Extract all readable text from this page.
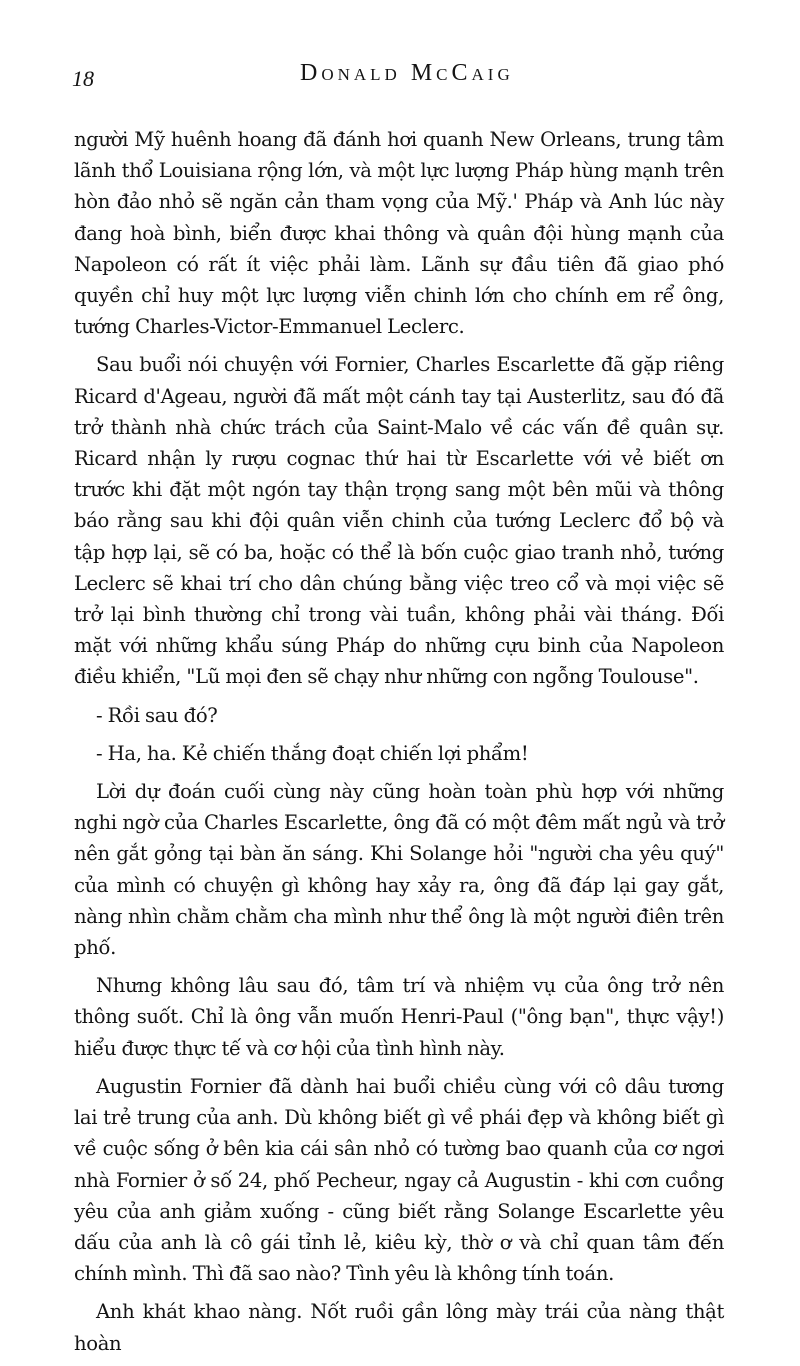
18	Donald McCaig

người Mỹ huênh hoang đã đánh hơi quanh New Orleans, trung tâm lãnh thổ Louisiana rộng lớn, và một lực lượng Pháp hùng mạnh trên hòn đảo nhỏ sẽ ngăn cản tham vọng của Mỹ.' Pháp và Anh lúc này đang hoà bình, biển được khai thông và quân đội hùng mạnh của Napoleon có rất ít việc phải làm. Lãnh sự đầu tiên đã giao phó quyền chỉ huy một lực lượng viễn chinh lớn cho chính em rể ông, tướng Charles-Victor-Emmanuel Leclerc.

Sau buổi nói chuyện với Fornier, Charles Escarlette đã gặp riêng Ricard d'Ageau, người đã mất một cánh tay tại Austerlitz, sau đó đã trở thành nhà chức trách của Saint-Malo về các vấn đề quân sự. Ricard nhận ly rượu cognac thứ hai từ Escarlette với vẻ biết ơn trước khi đặt một ngón tay thận trọng sang một bên mũi và thông báo rằng sau khi đội quân viễn chinh của tướng Leclerc đổ bộ và tập hợp lại, sẽ có ba, hoặc có thể là bốn cuộc giao tranh nhỏ, tướng Leclerc sẽ khai trí cho dân chúng bằng việc treo cổ và mọi việc sẽ trở lại bình thường chỉ trong vài tuần, không phải vài tháng. Đối mặt với những khẩu súng Pháp do những cựu binh của Napoleon điều khiển, "Lũ mọi đen sẽ chạy như những con ngỗng Toulouse".

- Rồi sau đó?

- Ha, ha. Kẻ chiến thắng đoạt chiến lợi phẩm!

Lời dự đoán cuối cùng này cũng hoàn toàn phù hợp với những nghi ngờ của Charles Escarlette, ông đã có một đêm mất ngủ và trở nên gắt gỏng tại bàn ăn sáng. Khi Solange hỏi "người cha yêu quý" của mình có chuyện gì không hay xảy ra, ông đã đáp lại gay gắt, nàng nhìn chằm chằm cha mình như thể ông là một người điên trên phố.

Nhưng không lâu sau đó, tâm trí và nhiệm vụ của ông trở nên thông suốt. Chỉ là ông vẫn muốn Henri-Paul ("ông bạn", thực vậy!) hiểu được thực tế và cơ hội của tình hình này.

Augustin Fornier đã dành hai buổi chiều cùng với cô dâu tương lai trẻ trung của anh. Dù không biết gì về phái đẹp và không biết gì về cuộc sống ở bên kia cái sân nhỏ có tường bao quanh của cơ ngơi nhà Fornier ở số 24, phố Pecheur, ngay cả Augustin - khi cơn cuồng yêu của anh giảm xuống - cũng biết rằng Solange Escarlette yêu dấu của anh là cô gái tỉnh lẻ, kiêu kỳ, thờ ơ và chỉ quan tâm đến chính mình. Thì đã sao nào? Tình yêu là không tính toán.

Anh khát khao nàng. Nốt ruồi gần lông mày trái của nàng thật hoàn
